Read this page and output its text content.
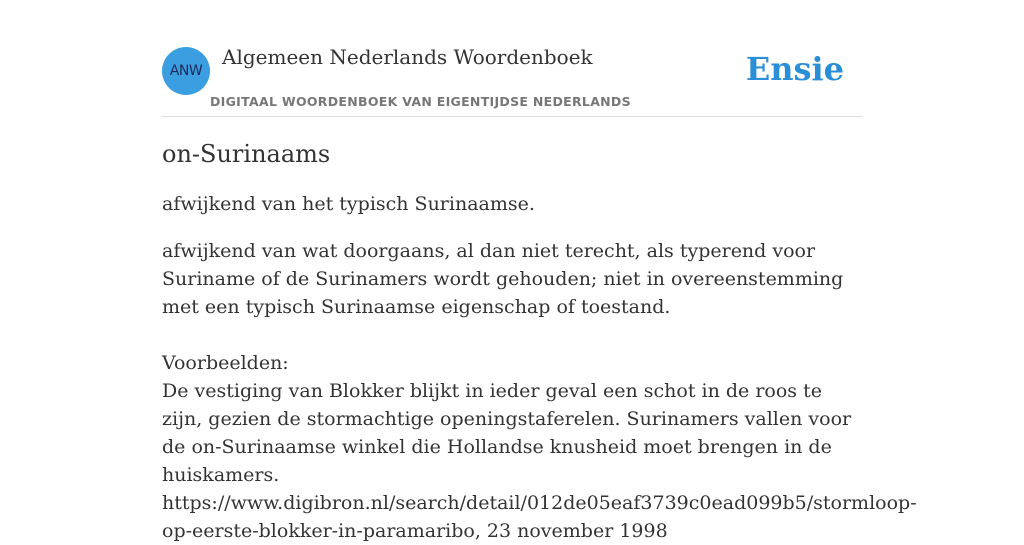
ANW
Algemeen Nederlands Woordenboek
DIGITAAL WOORDENBOEK VAN EIGENTIJDSE NEDERLANDS
Ensie
on-Surinaams

afwijkend van het typisch Surinaamse.

afwijkend van wat doorgaans, al dan niet terecht, als typerend voor Suriname of de Surinamers wordt gehouden; niet in overeenstemming met een typisch Surinaamse eigenschap of toestand.

Voorbeelden:

De vestiging van Blokker blijkt in ieder geval een schot in de roos te zijn, gezien de stormachtige openingstaferelen. Surinamers vallen voor de on-Surinaamse winkel die Hollandse knusheid moet brengen in de huiskamers.

https://www.digibron.nl/search/detail/012de05eaf3739c0ead099b5/stormloop-op-eerste-blokker-in-paramaribo, 23 november 1998
